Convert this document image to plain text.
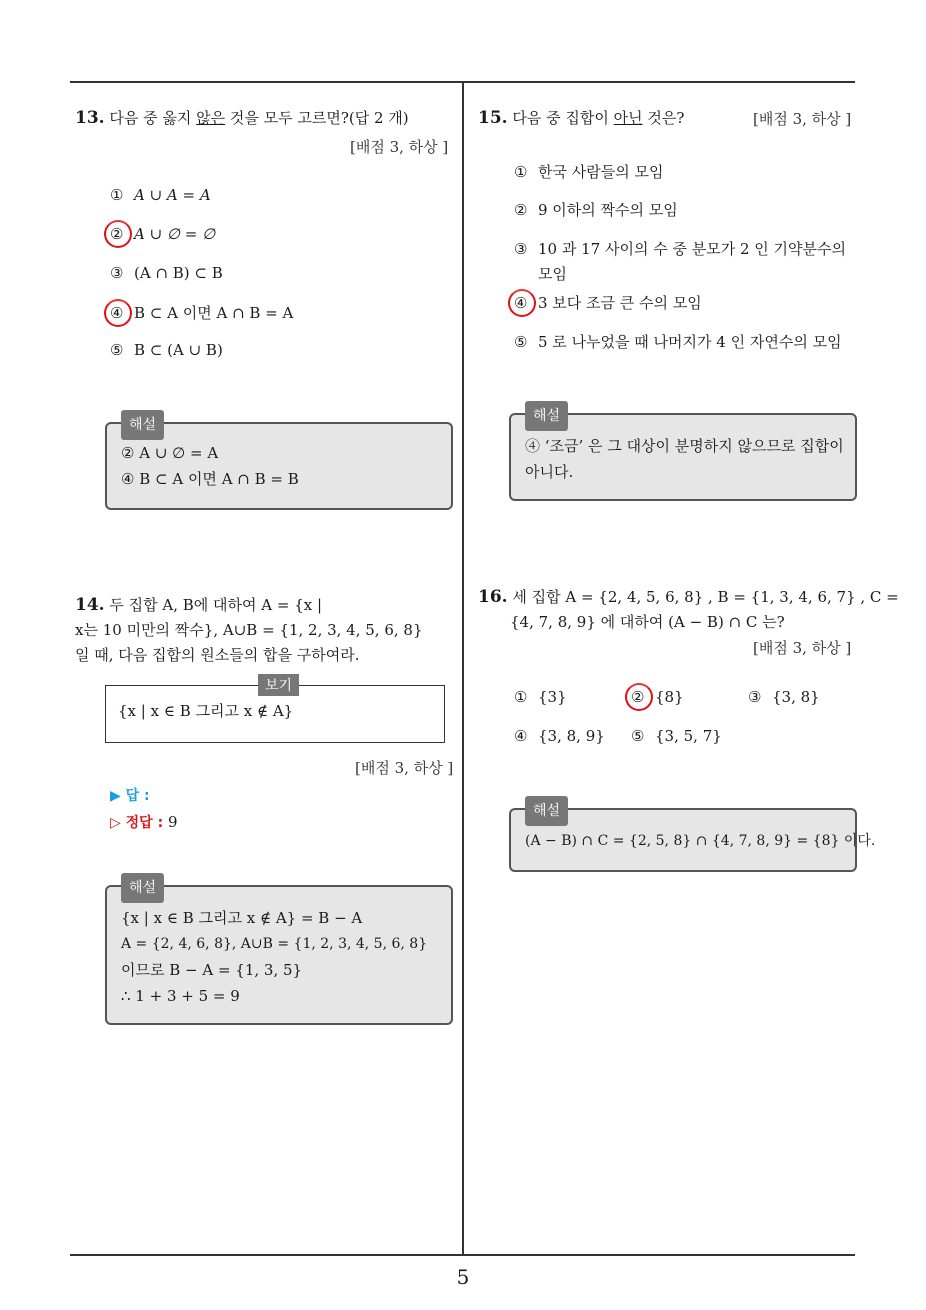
13. 다음 중 옳지 않은 것을 모두 고르면?(답 2 개)
[배점 3, 하상 ]
① A ∪ A = A
② A ∪ ∅ = ∅
③ (A ∩ B) ⊂ B
④ B ⊂ A 이면 A ∩ B = A
⑤ B ⊂ (A ∪ B)
해설
② A ∪ ∅ = A
④ B ⊂ A 이면 A ∩ B = B
14. 두 집합 A, B에 대하여 A = {x |
x는 10 미만의 짝수}, A∪B = {1, 2, 3, 4, 5, 6, 8}
일 때, 다음 집합의 원소들의 합을 구하여라.
보기
{x | x ∈ B 그리고 x ∉ A}
[배점 3, 하상 ]
▶ 답 :
▷ 정답 : 9
해설
{x | x ∈ B 그리고 x ∉ A} = B − A
A = {2, 4, 6, 8}, A∪B = {1, 2, 3, 4, 5, 6, 8}
이므로 B − A = {1, 3, 5}
∴ 1 + 3 + 5 = 9
15. 다음 중 집합이 아닌 것은?	[배점 3, 하상 ]
① 한국 사람들의 모임
② 9 이하의 짝수의 모임
③ 10 과 17 사이의 수 중 분모가 2 인 기약분수의
모임
④ 3 보다 조금 큰 수의 모임
⑤ 5 로 나누었을 때 나머지가 4 인 자연수의 모임
해설
④ ‘조금’ 은 그 대상이 분명하지 않으므로 집합이
아니다.
16. 세 집합 A = {2, 4, 5, 6, 8} , B = {1, 3, 4, 6, 7} , C =
{4, 7, 8, 9} 에 대하여 (A − B) ∩ C 는?
[배점 3, 하상 ]
① {3}	② {8}	③ {3, 8}
④ {3, 8, 9} ⑤ {3, 5, 7}
해설
(A − B) ∩ C = {2, 5, 8} ∩ {4, 7, 8, 9} = {8} 이다.
5
